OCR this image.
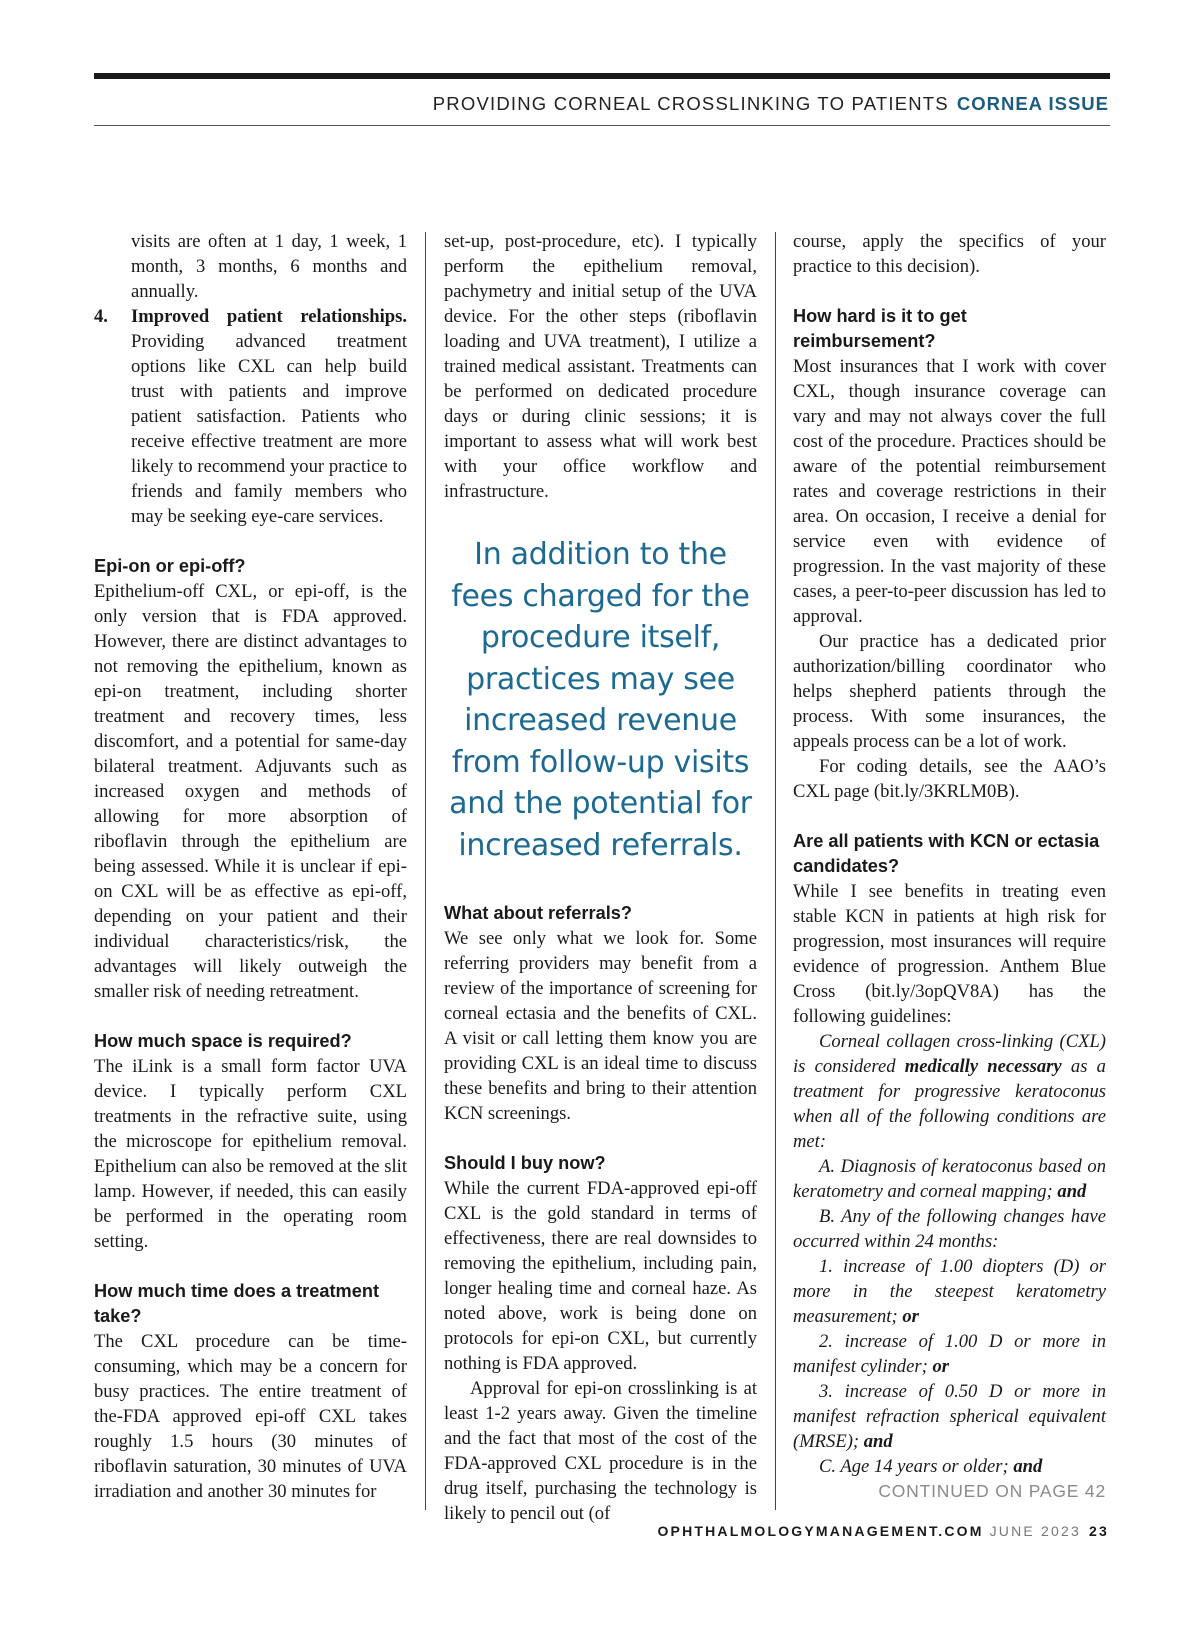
PROVIDING CORNEAL CROSSLINKING TO PATIENTS CORNEA ISSUE

visits are often at 1 day, 1 week, 1 month, 3 months, 6 months and annually.

4. Improved patient relationships. Providing advanced treatment options like CXL can help build trust with patients and improve patient satisfaction. Patients who receive effective treatment are more likely to recommend your practice to friends and family members who may be seeking eye-care services.

Epi-on or epi-off?

Epithelium-off CXL, or epi-off, is the only version that is FDA approved. However, there are distinct advantages to not removing the epithelium, known as epi-on treatment, including shorter treatment and recovery times, less discomfort, and a potential for same-day bilateral treatment. Adjuvants such as increased oxygen and methods of allowing for more absorption of riboflavin through the epithelium are being assessed. While it is unclear if epi-on CXL will be as effective as epi-off, depending on your patient and their individual characteristics/risk, the advantages will likely outweigh the smaller risk of needing retreatment.

How much space is required?

The iLink is a small form factor UVA device. I typically perform CXL treatments in the refractive suite, using the microscope for epithelium removal. Epithelium can also be removed at the slit lamp. However, if needed, this can easily be performed in the operating room setting.

How much time does a treatment take?

The CXL procedure can be time-consuming, which may be a concern for busy practices. The entire treatment of the-FDA approved epi-off CXL takes roughly 1.5 hours (30 minutes of riboflavin saturation, 30 minutes of UVA irradiation and another 30 minutes for

set-up, post-procedure, etc). I typically perform the epithelium removal, pachymetry and initial setup of the UVA device. For the other steps (riboflavin loading and UVA treatment), I utilize a trained medical assistant. Treatments can be performed on dedicated procedure days or during clinic sessions; it is important to assess what will work best with your office workflow and infrastructure.

In addition to the fees charged for the procedure itself, practices may see increased revenue from follow-up visits and the potential for increased referrals.
What about referrals?

We see only what we look for. Some referring providers may benefit from a review of the importance of screening for corneal ectasia and the benefits of CXL. A visit or call letting them know you are providing CXL is an ideal time to discuss these benefits and bring to their attention KCN screenings.

Should I buy now?

While the current FDA-approved epi-off CXL is the gold standard in terms of effectiveness, there are real downsides to removing the epithelium, including pain, longer healing time and corneal haze. As noted above, work is being done on protocols for epi-on CXL, but currently nothing is FDA approved.

Approval for epi-on crosslinking is at least 1-2 years away. Given the timeline and the fact that most of the cost of the FDA-approved CXL procedure is in the drug itself, purchasing the technology is likely to pencil out (of

course, apply the specifics of your practice to this decision).

How hard is it to get reimbursement?

Most insurances that I work with cover CXL, though insurance coverage can vary and may not always cover the full cost of the procedure. Practices should be aware of the potential reimbursement rates and coverage restrictions in their area. On occasion, I receive a denial for service even with evidence of progression. In the vast majority of these cases, a peer-to-peer discussion has led to approval.

Our practice has a dedicated prior authorization/billing coordinator who helps shepherd patients through the process. With some insurances, the appeals process can be a lot of work.

For coding details, see the AAO’s CXL page (bit.ly/3KRLM0B).

Are all patients with KCN or ectasia candidates?

While I see benefits in treating even stable KCN in patients at high risk for progression, most insurances will require evidence of progression. Anthem Blue Cross (bit.ly/3opQV8A) has the following guidelines:

Corneal collagen cross-linking (CXL) is considered medically necessary as a treatment for progressive keratoconus when all of the following conditions are met:

A. Diagnosis of keratoconus based on keratometry and corneal mapping; and

B. Any of the following changes have occurred within 24 months:

1. increase of 1.00 diopters (D) or more in the steepest keratometry measurement; or

2. increase of 1.00 D or more in manifest cylinder; or

3. increase of 0.50 D or more in manifest refraction spherical equivalent (MRSE); and

C. Age 14 years or older; and

CONTINUED ON PAGE 42
OPHTHALMOLOGYMANAGEMENT.COM JUNE 2023 23
